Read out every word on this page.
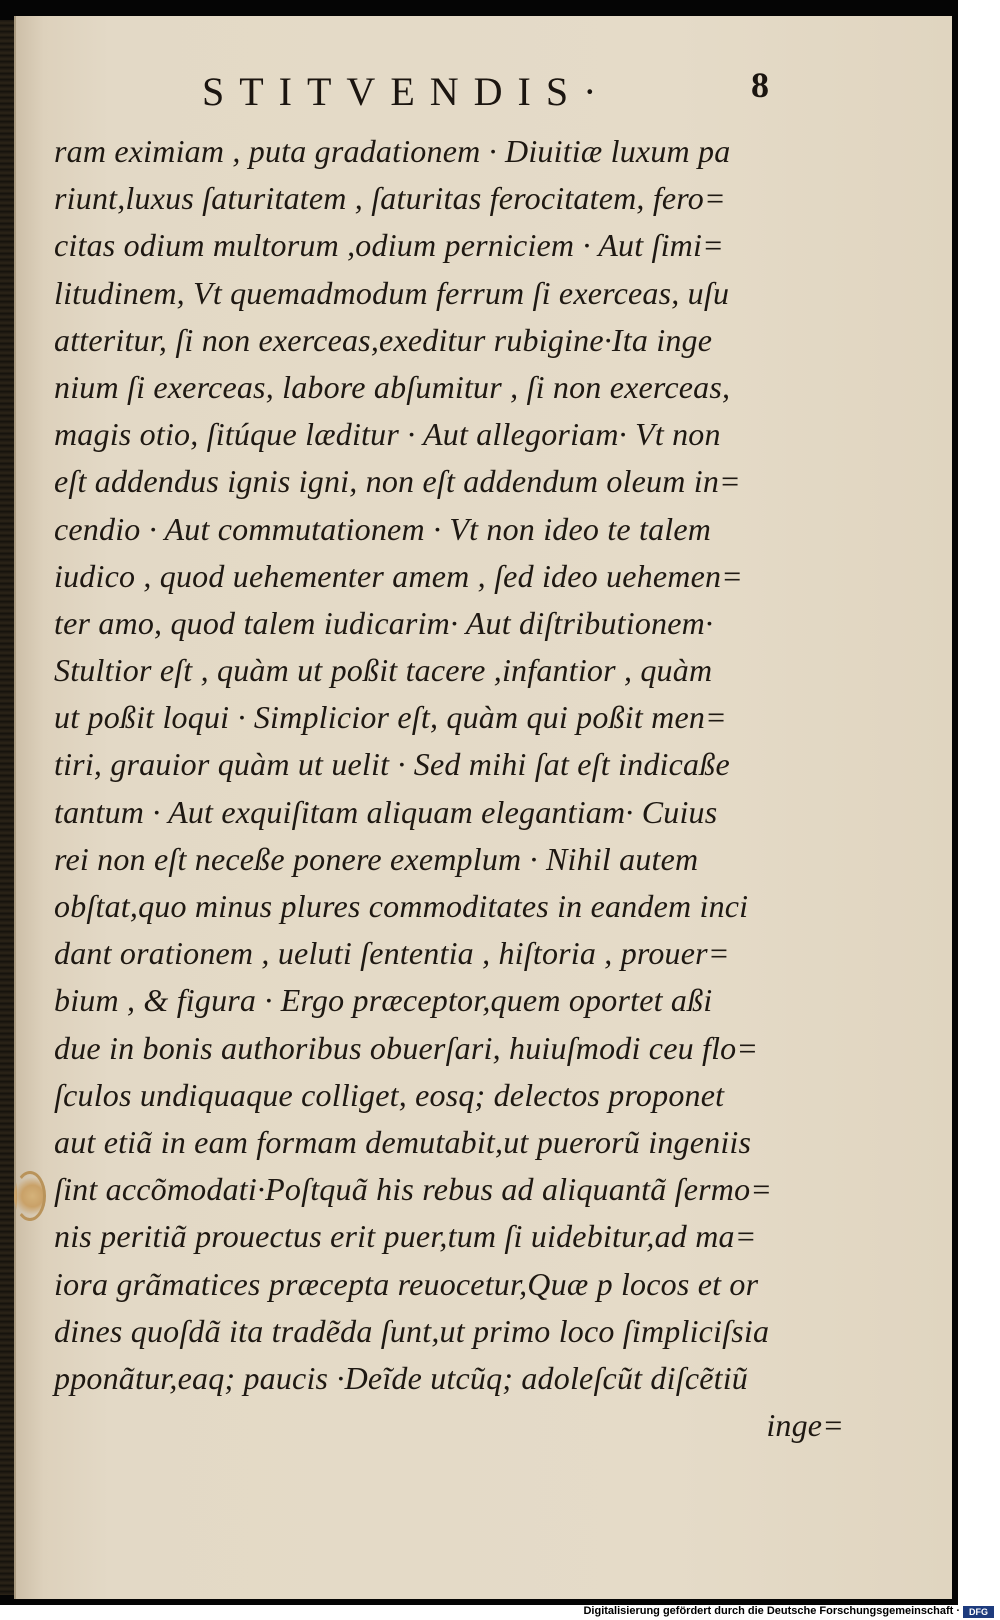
STITVENDIS·	8
ram eximiam , puta gradationem · Diuitiæ luxum pa
riunt,luxus ſaturitatem , ſaturitas ferocitatem, fero=
citas odium multorum ,odium perniciem · Aut ſimi=
litudinem, Vt quemadmodum ferrum ſi exerceas, uſu
atteritur, ſi non exerceas,exeditur rubigine·Ita inge
nium ſi exerceas, labore abſumitur , ſi non exerceas,
magis otio, ſitúque læditur · Aut allegoriam· Vt non
eſt addendus ignis igni, non eſt addendum oleum in=
cendio · Aut commutationem · Vt non ideo te talem
iudico , quod uehementer amem , ſed ideo uehemen=
ter amo, quod talem iudicarim· Aut diſtributionem·
Stultior eſt , quàm ut poßit tacere ,infantior , quàm
ut poßit loqui · Simplicior eſt, quàm qui poßit men=
tiri, grauior quàm ut uelit · Sed mihi ſat eſt indicaße
tantum · Aut exquiſitam aliquam elegantiam· Cuius
rei non eſt neceße ponere exemplum · Nihil autem
obſtat,quo minus plures commoditates in eandem inci
dant orationem , ueluti ſententia , hiſtoria , prouer=
bium , & figura · Ergo præceptor,quem oportet aßi
due in bonis authoribus obuerſari, huiuſmodi ceu flo=
ſculos undiquaque colliget, eosq; delectos proponet
aut etiã in eam formam demutabit,ut puerorũ ingeniis
ſint accõmodati·Poſtquã his rebus ad aliquantã ſermo=
nis peritiã prouectus erit puer,tum ſi uidebitur,ad ma=
iora grãmatices præcepta reuocetur,Quæ p locos et or
dines quoſdã ita tradẽda ſunt,ut primo loco ſimpliciſsia
pponãtur,eaq; paucis ·Deĩde utcũq; adoleſcũt diſcẽtiũ
inge=
Digitalisierung gefördert durch die Deutsche Forschungsgemeinschaft ·	DFG
